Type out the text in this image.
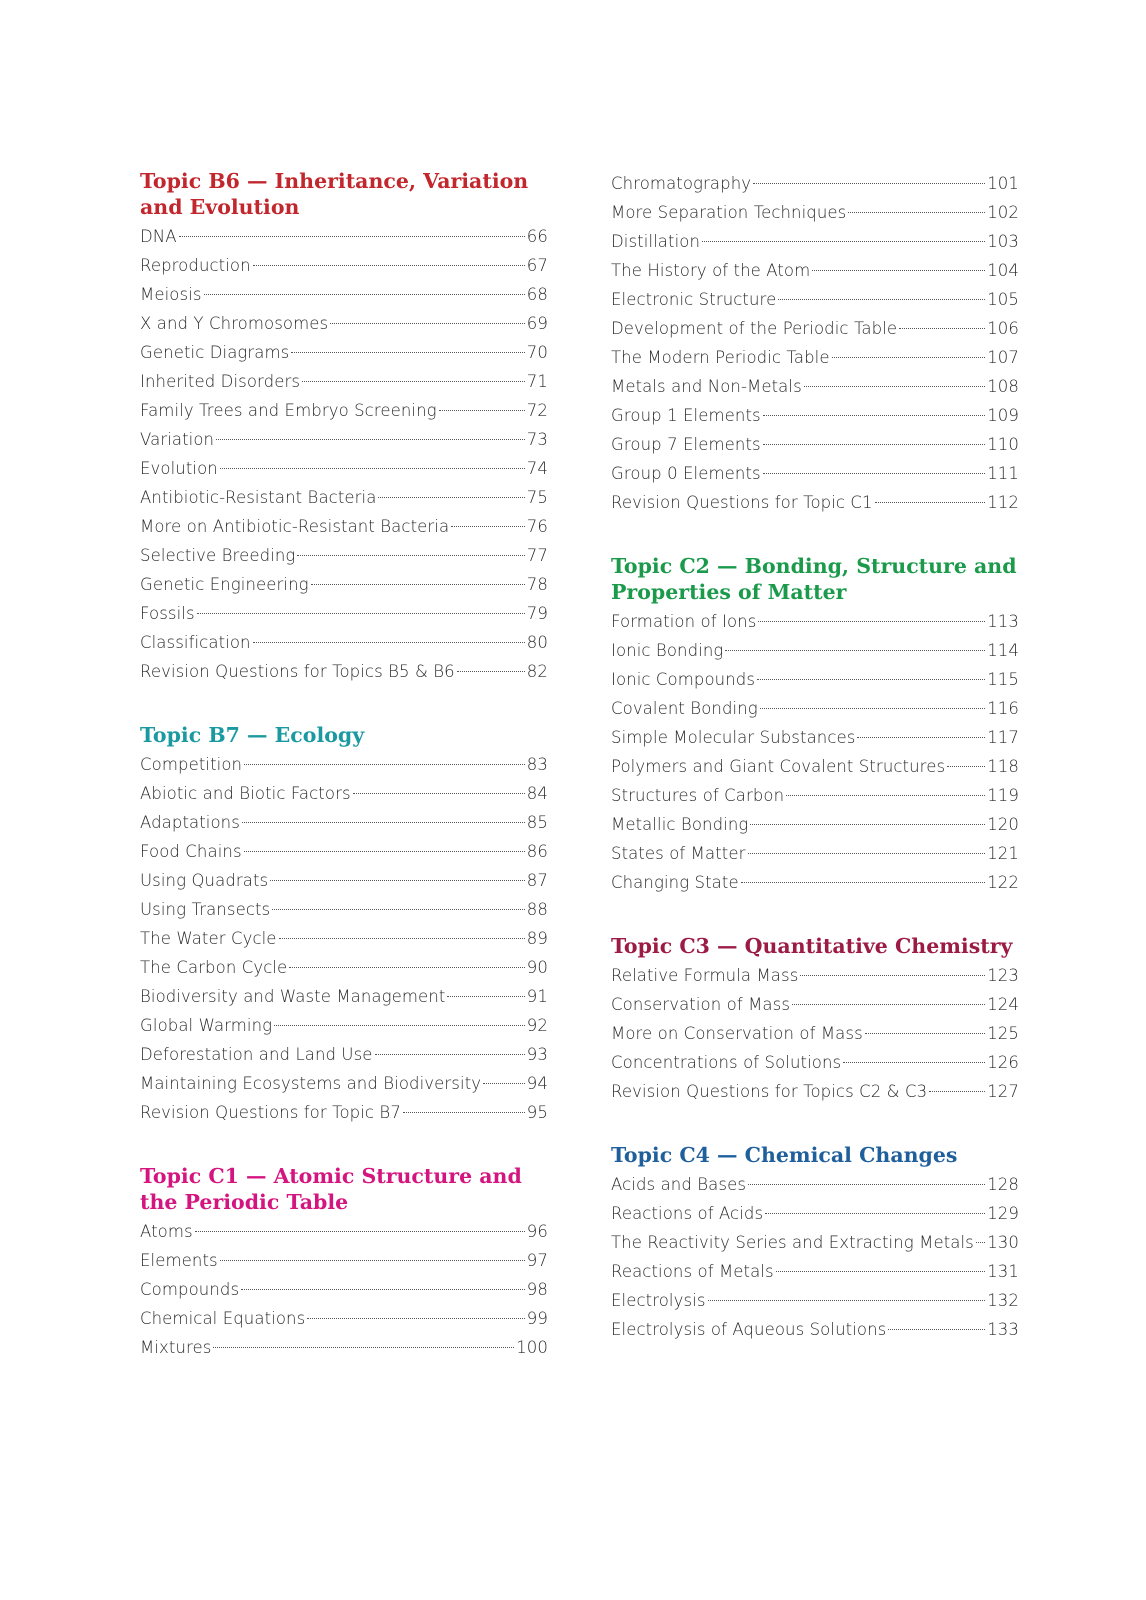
Topic B6 — Inheritance, Variation and Evolution
DNA	66
Reproduction	67
Meiosis	68
X and Y Chromosomes	69
Genetic Diagrams	70
Inherited Disorders	71
Family Trees and Embryo Screening	72
Variation	73
Evolution	74
Antibiotic-Resistant Bacteria	75
More on Antibiotic-Resistant Bacteria	76
Selective Breeding	77
Genetic Engineering	78
Fossils	79
Classification	80
Revision Questions for Topics B5 & B6	82
Topic B7 — Ecology
Competition	83
Abiotic and Biotic Factors	84
Adaptations	85
Food Chains	86
Using Quadrats	87
Using Transects	88
The Water Cycle	89
The Carbon Cycle	90
Biodiversity and Waste Management	91
Global Warming	92
Deforestation and Land Use	93
Maintaining Ecosystems and Biodiversity	94
Revision Questions for Topic B7	95
Topic C1 — Atomic Structure and the Periodic Table
Atoms	96
Elements	97
Compounds	98
Chemical Equations	99
Mixtures	100
Chromatography	101
More Separation Techniques	102
Distillation	103
The History of the Atom	104
Electronic Structure	105
Development of the Periodic Table	106
The Modern Periodic Table	107
Metals and Non-Metals	108
Group 1 Elements	109
Group 7 Elements	110
Group 0 Elements	111
Revision Questions for Topic C1	112
Topic C2 — Bonding, Structure and Properties of Matter
Formation of Ions	113
Ionic Bonding	114
Ionic Compounds	115
Covalent Bonding	116
Simple Molecular Substances	117
Polymers and Giant Covalent Structures	118
Structures of Carbon	119
Metallic Bonding	120
States of Matter	121
Changing State	122
Topic C3 — Quantitative Chemistry
Relative Formula Mass	123
Conservation of Mass	124
More on Conservation of Mass	125
Concentrations of Solutions	126
Revision Questions for Topics C2 & C3	127
Topic C4 — Chemical Changes
Acids and Bases	128
Reactions of Acids	129
The Reactivity Series and Extracting Metals 130
Reactions of Metals	131
Electrolysis	132
Electrolysis of Aqueous Solutions	133
